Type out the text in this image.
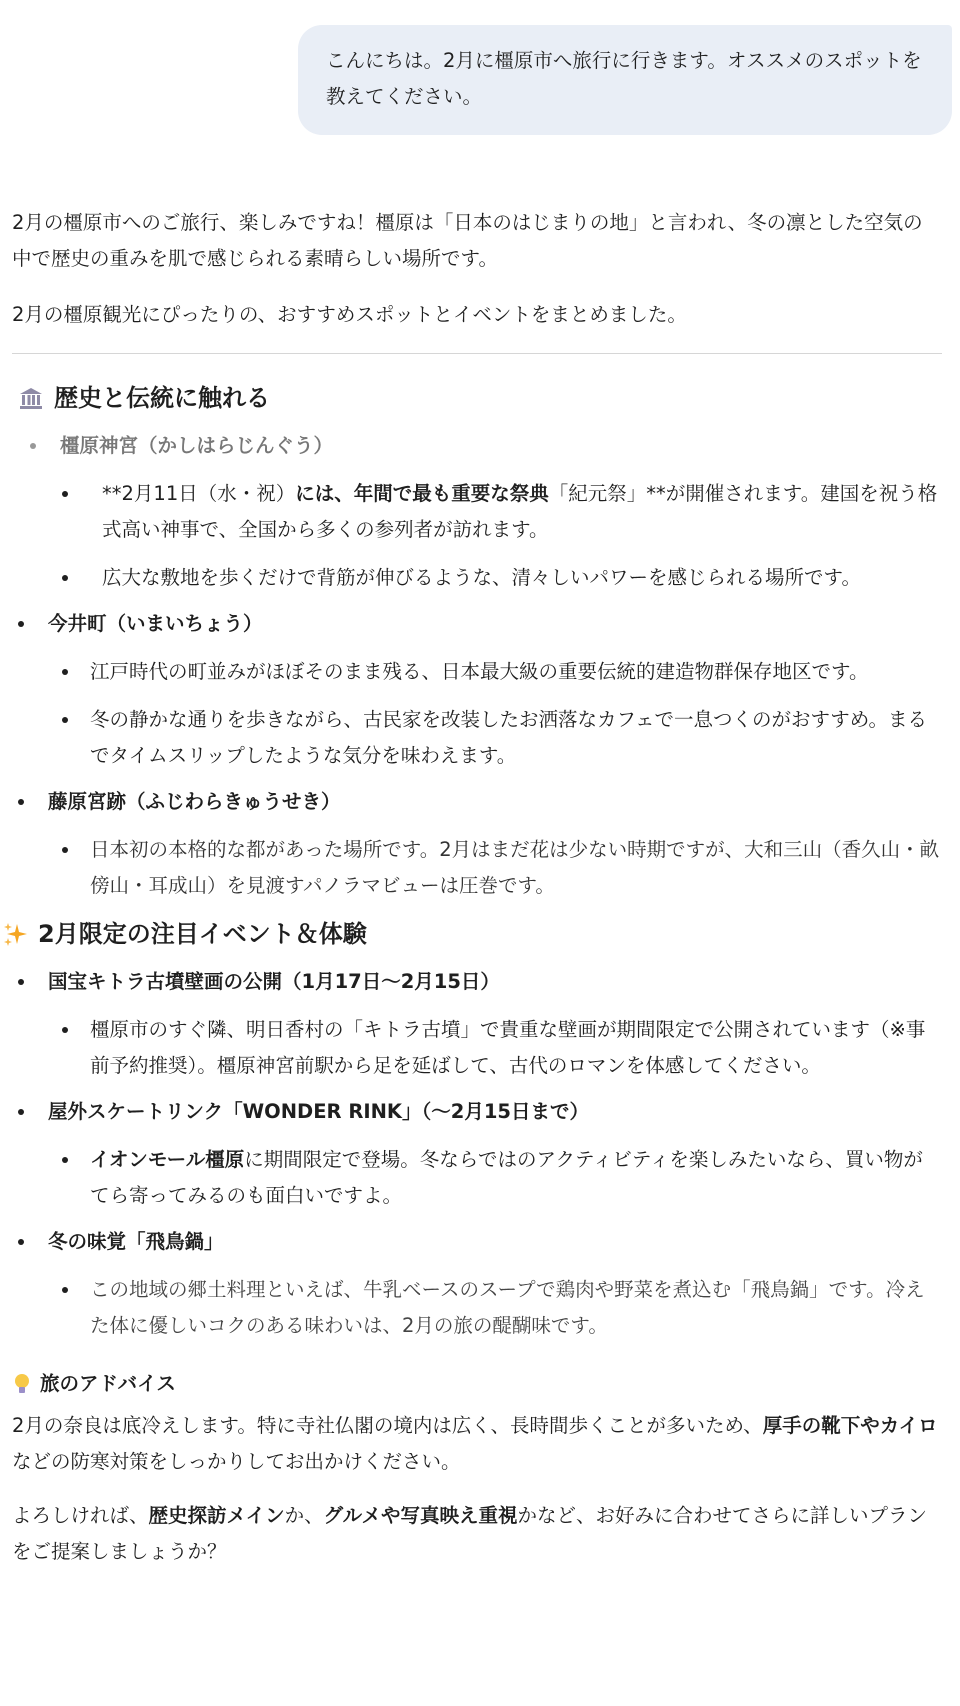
こんにちは。2月に橿原市へ旅行に行きます。オススメのスポットを教えてください。

2月の橿原市へのご旅行、楽しみですね！橿原は「日本のはじまりの地」と言われ、冬の凛とした空気の中で歴史の重みを肌で感じられる素晴らしい場所です。

2月の橿原観光にぴったりの、おすすめスポットとイベントをまとめました。

歴史と伝統に触れる
橿原神宮（かしはらじんぐう）
**2月11日（水・祝）には、年間で最も重要な祭典「紀元祭」**が開催されます。建国を祝う格式高い神事で、全国から多くの参列者が訪れます。
広大な敷地を歩くだけで背筋が伸びるような、清々しいパワーを感じられる場所です。
今井町（いまいちょう）
江戸時代の町並みがほぼそのまま残る、日本最大級の重要伝統的建造物群保存地区です。
冬の静かな通りを歩きながら、古民家を改装したお洒落なカフェで一息つくのがおすすめ。まるでタイムスリップしたような気分を味わえます。
藤原宮跡（ふじわらきゅうせき）
日本初の本格的な都があった場所です。2月はまだ花は少ない時期ですが、大和三山（香久山・畝傍山・耳成山）を見渡すパノラマビューは圧巻です。
2月限定の注目イベント＆体験
国宝キトラ古墳壁画の公開（1月17日〜2月15日）
橿原市のすぐ隣、明日香村の「キトラ古墳」で貴重な壁画が期間限定で公開されています（※事前予約推奨）。橿原神宮前駅から足を延ばして、古代のロマンを体感してください。
屋外スケートリンク「WONDER RINK」（〜2月15日まで）
イオンモール橿原に期間限定で登場。冬ならではのアクティビティを楽しみたいなら、買い物がてら寄ってみるのも面白いですよ。
冬の味覚「飛鳥鍋」
この地域の郷土料理といえば、牛乳ベースのスープで鶏肉や野菜を煮込む「飛鳥鍋」です。冷えた体に優しいコクのある味わいは、2月の旅の醍醐味です。
旅のアドバイス

2月の奈良は底冷えします。特に寺社仏閣の境内は広く、長時間歩くことが多いため、厚手の靴下やカイロなどの防寒対策をしっかりしてお出かけください。

よろしければ、歴史探訪メインか、グルメや写真映え重視かなど、お好みに合わせてさらに詳しいプランをご提案しましょうか？
